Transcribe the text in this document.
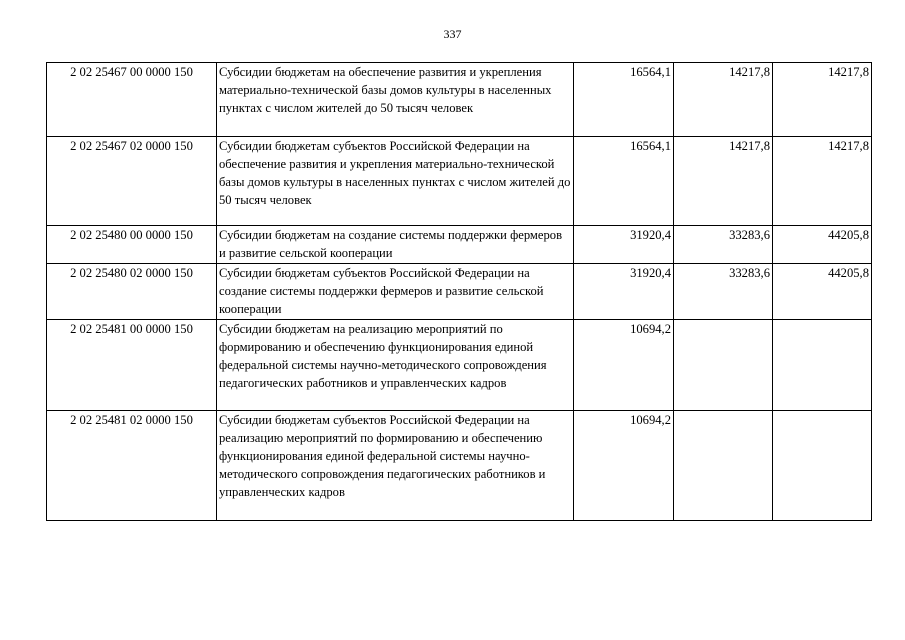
337
2 02 25467 00 0000 150	Субсидии бюджетам на обеспечение развития и укрепления материально-технической базы домов культуры в населенных пунктах с числом жителей до 50 тысяч человек	16564,1	14217,8	14217,8
2 02 25467 02 0000 150	Субсидии бюджетам субъектов Российской Федерации на обеспечение развития и укрепления материально-технической базы домов культуры в населенных пунктах с числом жителей до 50 тысяч человек	16564,1	14217,8	14217,8
2 02 25480 00 0000 150	Субсидии бюджетам на создание системы поддержки фермеров и развитие сельской кооперации	31920,4	33283,6	44205,8
2 02 25480 02 0000 150	Субсидии бюджетам субъектов Российской Федерации на создание системы поддержки фермеров и развитие сельской кооперации	31920,4	33283,6	44205,8
2 02 25481 00 0000 150	Субсидии бюджетам на реализацию мероприятий по формированию и обеспечению функционирования единой федеральной системы научно-методического сопровождения педагогических работников и управленческих кадров	10694,2		
2 02 25481 02 0000 150	Субсидии бюджетам субъектов Российской Федерации на реализацию мероприятий по формированию и обеспечению функционирования единой федеральной системы научно-методического сопровождения педагогических работников и управленческих кадров	10694,2		
